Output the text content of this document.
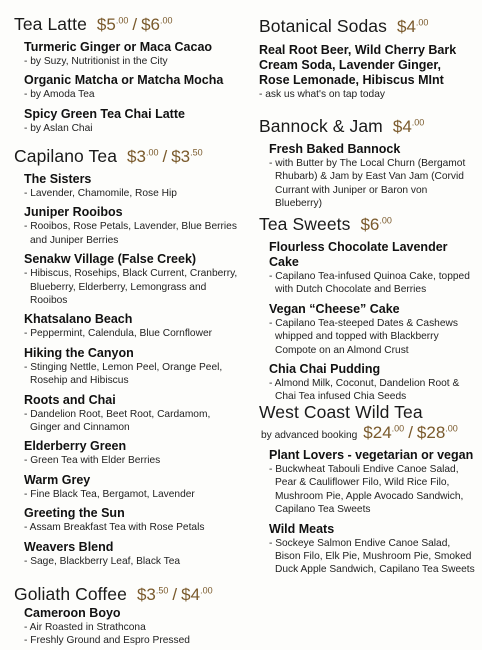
Tea Latte $\$5^{.00}$ / $\$6^{.00}$
Turmeric Ginger or Maca Cacao
- by Suzy, Nutritionist in the City
Organic Matcha or Matcha Mocha
- by Amoda Tea
Spicy Green Tea Chai Latte
- by Aslan Chai
Capilano Tea $\$3^{.00}$ / $\$3^{.50}$
The Sisters
- Lavender, Chamomile, Rose Hip
Juniper Rooibos
- Rooibos, Rose Petals, Lavender, Blue Berries and Juniper Berries
Senakw Village (False Creek)
- Hibiscus, Rosehips, Black Current, Cranberry, Blueberry, Elderberry, Lemongrass and Rooibos
Khatsalano Beach
- Peppermint, Calendula, Blue Cornflower
Hiking the Canyon
- Stinging Nettle, Lemon Peel, Orange Peel, Rosehip and Hibiscus
Roots and Chai
- Dandelion Root, Beet Root, Cardamom, Ginger and Cinnamon
Elderberry Green
- Green Tea with Elder Berries
Warm Grey
- Fine Black Tea, Bergamot, Lavender
Greeting the Sun
- Assam Breakfast Tea with Rose Petals
Weavers Blend
- Sage, Blackberry Leaf, Black Tea
Goliath Coffee $\$3^{.50}$ / $\$4^{.00}$
Cameroon Boyo
- Air Roasted in Strathcona
- Freshly Ground and Espro Pressed
Botanical Sodas $\$4^{.00}$
Real Root Beer, Wild Cherry Bark Cream Soda, Lavender Ginger, Rose Lemonade, Hibiscus MInt
- ask us what's on tap today
Bannock & Jam $\$4^{.00}$
Fresh Baked Bannock
- with Butter by The Local Churn (Bergamot Rhubarb) & Jam by East Van Jam (Corvid Currant with Juniper or Baron von Blueberry)
Tea Sweets $\$6^{.00}$
Flourless Chocolate Lavender Cake
- Capilano Tea-infused Quinoa Cake, topped with Dutch Chocolate and Berries
Vegan “Cheese” Cake
- Capilano Tea-steeped Dates & Cashews whipped and topped with Blackberry Compote on an Almond Crust
Chia Chai Pudding
- Almond Milk, Coconut, Dandelion Root & Chai Tea infused Chia Seeds
West Coast Wild Tea
by advanced booking $\$24^{.00}$ / $\$28^{.00}$
Plant Lovers - vegetarian or vegan
- Buckwheat Tabouli Endive Canoe Salad, Pear & Cauliflower Filo, Wild Rice Filo, Mushroom Pie, Apple Avocado Sandwich, Capilano Tea Sweets
Wild Meats
- Sockeye Salmon Endive Canoe Salad, Bison Filo, Elk Pie, Mushroom Pie, Smoked Duck Apple Sandwich, Capilano Tea Sweets
